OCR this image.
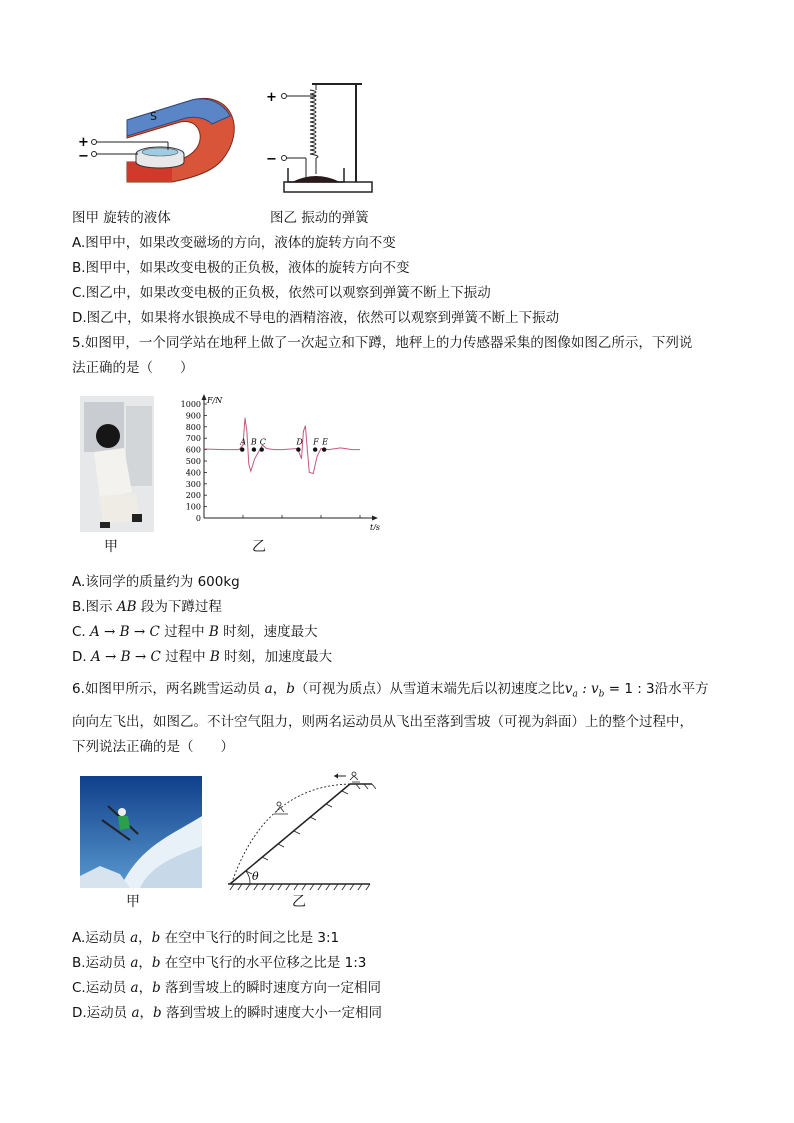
S
+
−
+
−
图甲 旋转的液体	图乙 振动的弹簧
A.图甲中，如果改变磁场的方向，液体的旋转方向不变
B.图甲中，如果改变电极的正负极，液体的旋转方向不变
C.图乙中，如果改变电极的正负极，依然可以观察到弹簧不断上下振动
D.图乙中，如果将水银换成不导电的酒精溶液，依然可以观察到弹簧不断上下振动
5.如图甲，一个同学站在地秤上做了一次起立和下蹲，地秤上的力传感器采集的图像如图乙所示，下列说
法正确的是（　　）
甲
F/N
t/s
1000
900
800
700
600
500
400
300
200
100
0
A B C	D F E
乙
A.该同学的质量约为 600kg
B.图示 AB 段为下蹲过程
C. A → B → C 过程中 B 时刻，速度最大
D. A → B → C 过程中 B 时刻，加速度最大
6.如图甲所示，两名跳雪运动员 a，b（可视为质点）从雪道末端先后以初速度之比$v_a$ : $v_b = 1$ : 3沿水平方
向向左飞出，如图乙。不计空气阻力，则两名运动员从飞出至落到雪坡（可视为斜面）上的整个过程中，
下列说法正确的是（　　）
甲
θ
乙
A.运动员 a，b 在空中飞行的时间之比是 3:1
B.运动员 a，b 在空中飞行的水平位移之比是 1:3
C.运动员 a，b 落到雪坡上的瞬时速度方向一定相同
D.运动员 a，b 落到雪坡上的瞬时速度大小一定相同
